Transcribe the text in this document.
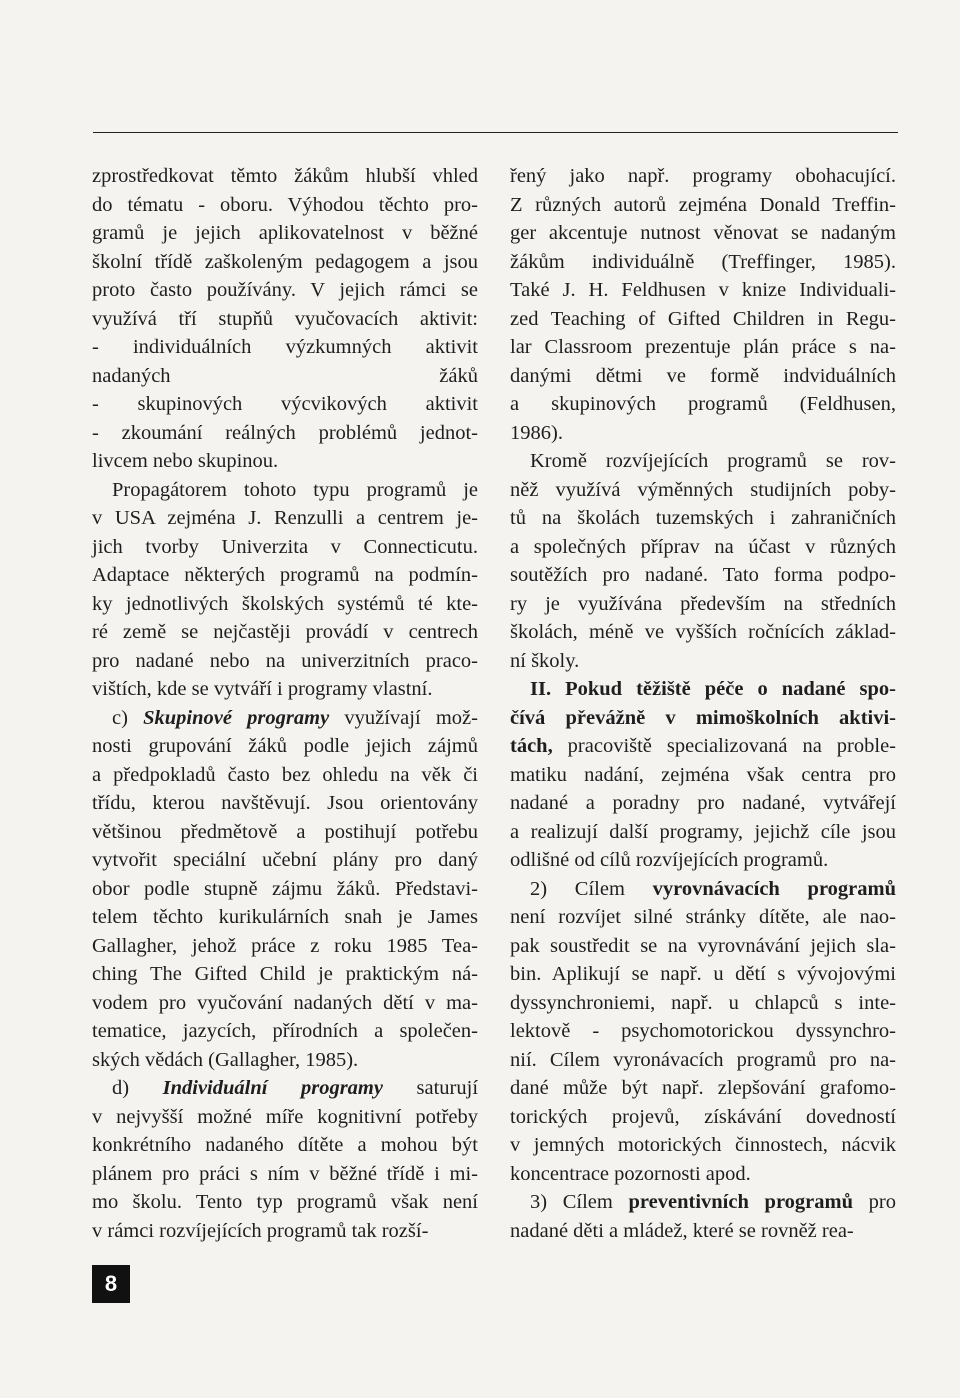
zprostředkovat těmto žákům hlubší vhled
do tématu - oboru. Výhodou těchto pro-
gramů je jejich aplikovatelnost v běžné
školní třídě zaškoleným pedagogem a jsou
proto často používány. V jejich rámci se
využívá tří stupňů vyučovacích aktivit:
- individuálních výzkumných aktivit
nadaných žáků
- skupinových výcvikových aktivit
- zkoumání reálných problémů jednot-
livcem nebo skupinou.
Propagátorem tohoto typu programů je
v USA zejména J. Renzulli a centrem je-
jich tvorby Univerzita v Connecticutu.
Adaptace některých programů na podmín-
ky jednotlivých školských systémů té kte-
ré země se nejčastěji provádí v centrech
pro nadané nebo na univerzitních praco-
vištích, kde se vytváří i programy vlastní.
c) Skupinové programy využívají mož-
nosti grupování žáků podle jejich zájmů
a předpokladů často bez ohledu na věk či
třídu, kterou navštěvují. Jsou orientovány
většinou předmětově a postihují potřebu
vytvořit speciální učební plány pro daný
obor podle stupně zájmu žáků. Představi-
telem těchto kurikulárních snah je James
Gallagher, jehož práce z roku 1985 Tea-
ching The Gifted Child je praktickým ná-
vodem pro vyučování nadaných dětí v ma-
tematice, jazycích, přírodních a společen-
ských vědách (Gallagher, 1985).
d) Individuální programy saturují
v nejvyšší možné míře kognitivní potřeby
konkrétního nadaného dítěte a mohou být
plánem pro práci s ním v běžné třídě i mi-
mo školu. Tento typ programů však není
v rámci rozvíjejících programů tak rozší-
řený jako např. programy obohacující.
Z různých autorů zejména Donald Treffin-
ger akcentuje nutnost věnovat se nadaným
žákům individuálně (Treffinger, 1985).
Také J. H. Feldhusen v knize Individuali-
zed Teaching of Gifted Children in Regu-
lar Classroom prezentuje plán práce s na-
danými dětmi ve formě indviduálních
a skupinových programů (Feldhusen,
1986).
Kromě rozvíjejících programů se rov-
něž využívá výměnných studijních poby-
tů na školách tuzemských i zahraničních
a společných příprav na účast v různých
soutěžích pro nadané. Tato forma podpo-
ry je využívána především na středních
školách, méně ve vyšších ročnících základ-
ní školy.
II. Pokud těžiště péče o nadané spo-
čívá převážně v mimoškolních aktivi-
tách, pracoviště specializovaná na proble-
matiku nadání, zejména však centra pro
nadané a poradny pro nadané, vytvářejí
a realizují další programy, jejichž cíle jsou
odlišné od cílů rozvíjejících programů.
2) Cílem vyrovnávacích programů
není rozvíjet silné stránky dítěte, ale nao-
pak soustředit se na vyrovnávání jejich sla-
bin. Aplikují se např. u dětí s vývojovými
dyssynchroniemi, např. u chlapců s inte-
lektově - psychomotorickou dyssynchro-
nií. Cílem vyronávacích programů pro na-
dané může být např. zlepšování grafomo-
torických projevů, získávání dovedností
v jemných motorických činnostech, nácvik
koncentrace pozornosti apod.
3) Cílem preventivních programů pro
nadané děti a mládež, které se rovněž rea-
8
